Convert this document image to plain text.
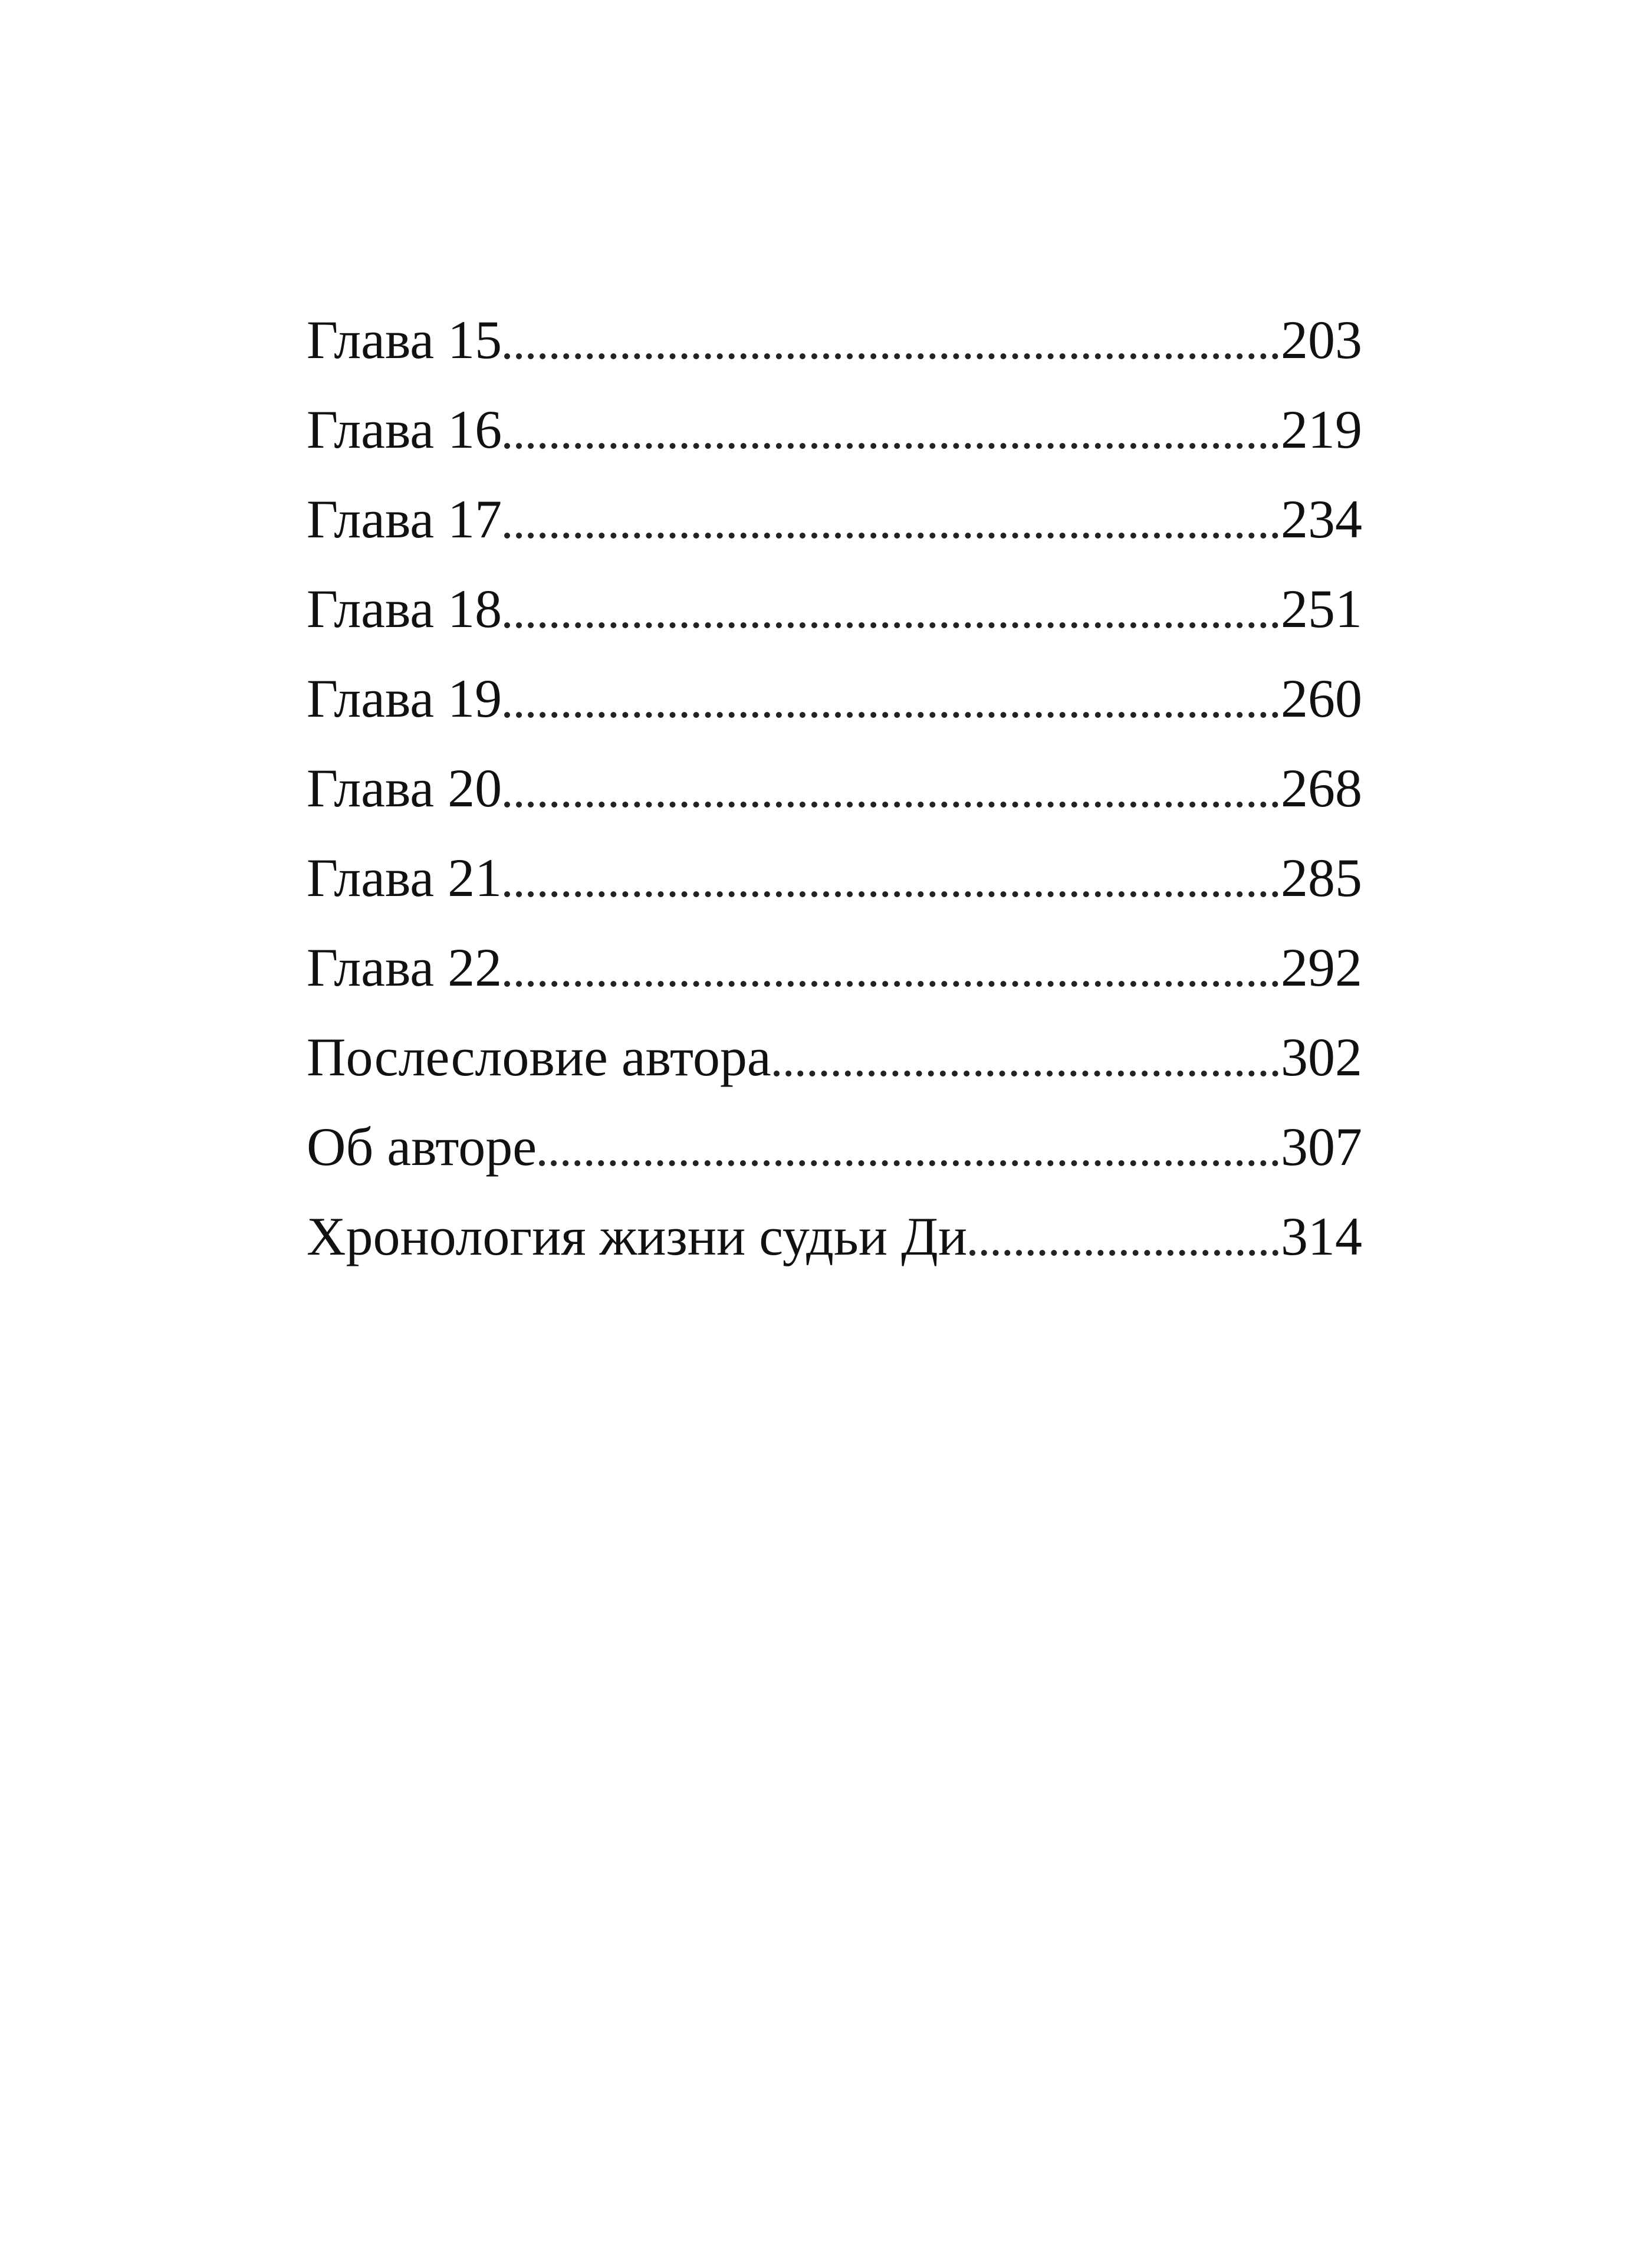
Глава 15	203
Глава 16	219
Глава 17	234
Глава 18	251
Глава 19	260
Глава 20	268
Глава 21	285
Глава 22	292
Послесловие автора	302
Об авторе	307
Хронология жизни судьи Ди	314
